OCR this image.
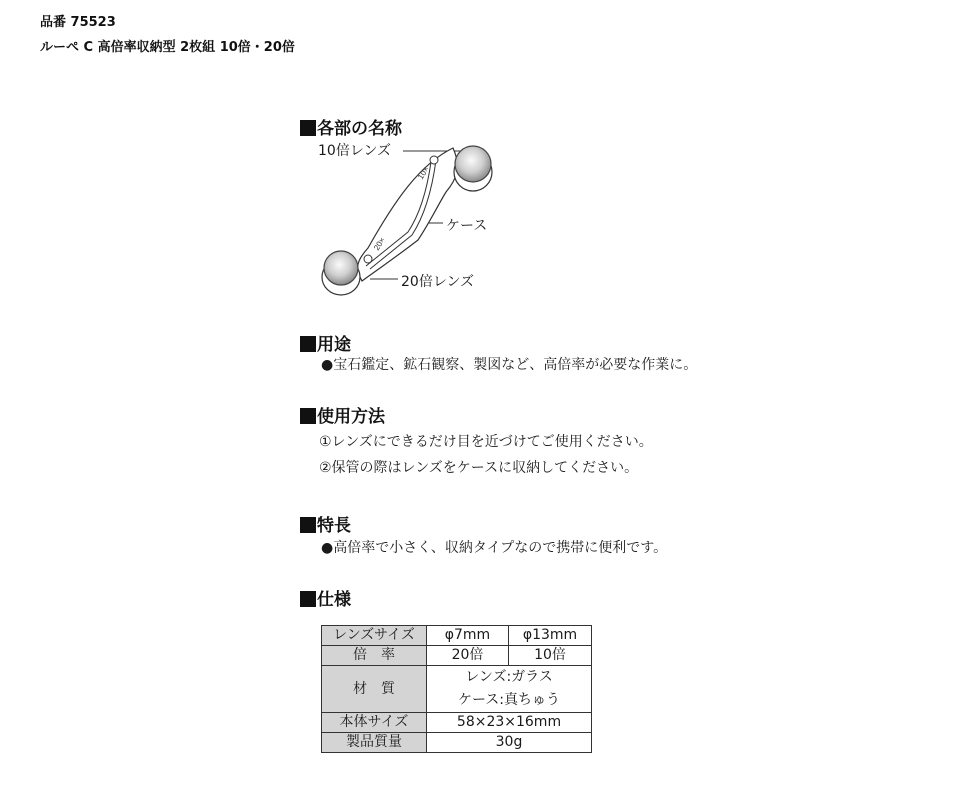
品番 75523
ルーペ C 高倍率収納型 2枚組 10倍・20倍
各部の名称
10×
20×
10倍レンズ
ケース
20倍レンズ
用途
●宝石鑑定、鉱石観察、製図など、高倍率が必要な作業に。
使用方法
①レンズにできるだけ目を近づけてご使用ください。
②保管の際はレンズをケースに収納してください。
特長
●高倍率で小さく、収納タイプなので携帯に便利です。
仕様
レンズサイズ	φ7mm	φ13mm
倍　率	20倍	10倍
材　質	レンズ:ガラス
ケース:真ちゅう	

本体サイズ	58×23×16mm	
製品質量	30g	
